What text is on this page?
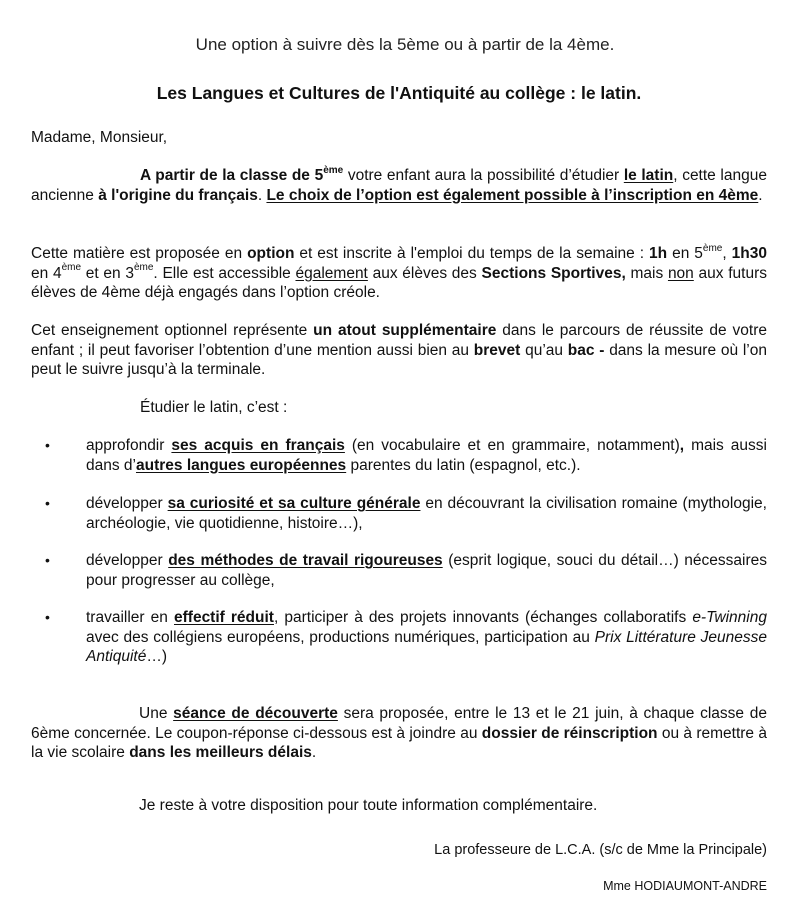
Une option à suivre dès la 5ème ou à partir de la 4ème.
Les Langues et Cultures de l'Antiquité au collège : le latin.
Madame, Monsieur,
A partir de la classe de 5ème votre enfant aura la possibilité d’étudier le latin, cette langue ancienne à l'origine du français. Le choix de l’option est également possible à l’inscription en 4ème.
Cette matière est proposée en option et est inscrite à l'emploi du temps de la semaine : 1h en 5ème, 1h30 en 4ème et en 3ème. Elle est accessible également aux élèves des Sections Sportives, mais non aux futurs élèves de 4ème déjà engagés dans l’option créole.
Cet enseignement optionnel représente un atout supplémentaire dans le parcours de réussite de votre enfant ; il peut favoriser l’obtention d’une mention aussi bien au brevet qu’au bac - dans la mesure où l’on peut le suivre jusqu’à la terminale.
Étudier le latin, c’est :
• approfondir ses acquis en français (en vocabulaire et en grammaire, notamment), mais aussi dans d’autres langues européennes parentes du latin (espagnol, etc.).
• développer sa curiosité et sa culture générale en découvrant la civilisation romaine (mythologie, archéologie, vie quotidienne, histoire…),
• développer des méthodes de travail rigoureuses (esprit logique, souci du détail…) nécessaires pour progresser au collège,
• travailler en effectif réduit, participer à des projets innovants (échanges collaboratifs e-Twinning avec des collégiens européens, productions numériques, participation au Prix Littérature Jeunesse Antiquité…)
Une séance de découverte sera proposée, entre le 13 et le 21 juin, à chaque classe de 6ème concernée. Le coupon-réponse ci-dessous est à joindre au dossier de réinscription ou à remettre à la vie scolaire dans les meilleurs délais.
Je reste à votre disposition pour toute information complémentaire.
La professeure de L.C.A. (s/c de Mme la Principale)
Mme HODIAUMONT-ANDRE
